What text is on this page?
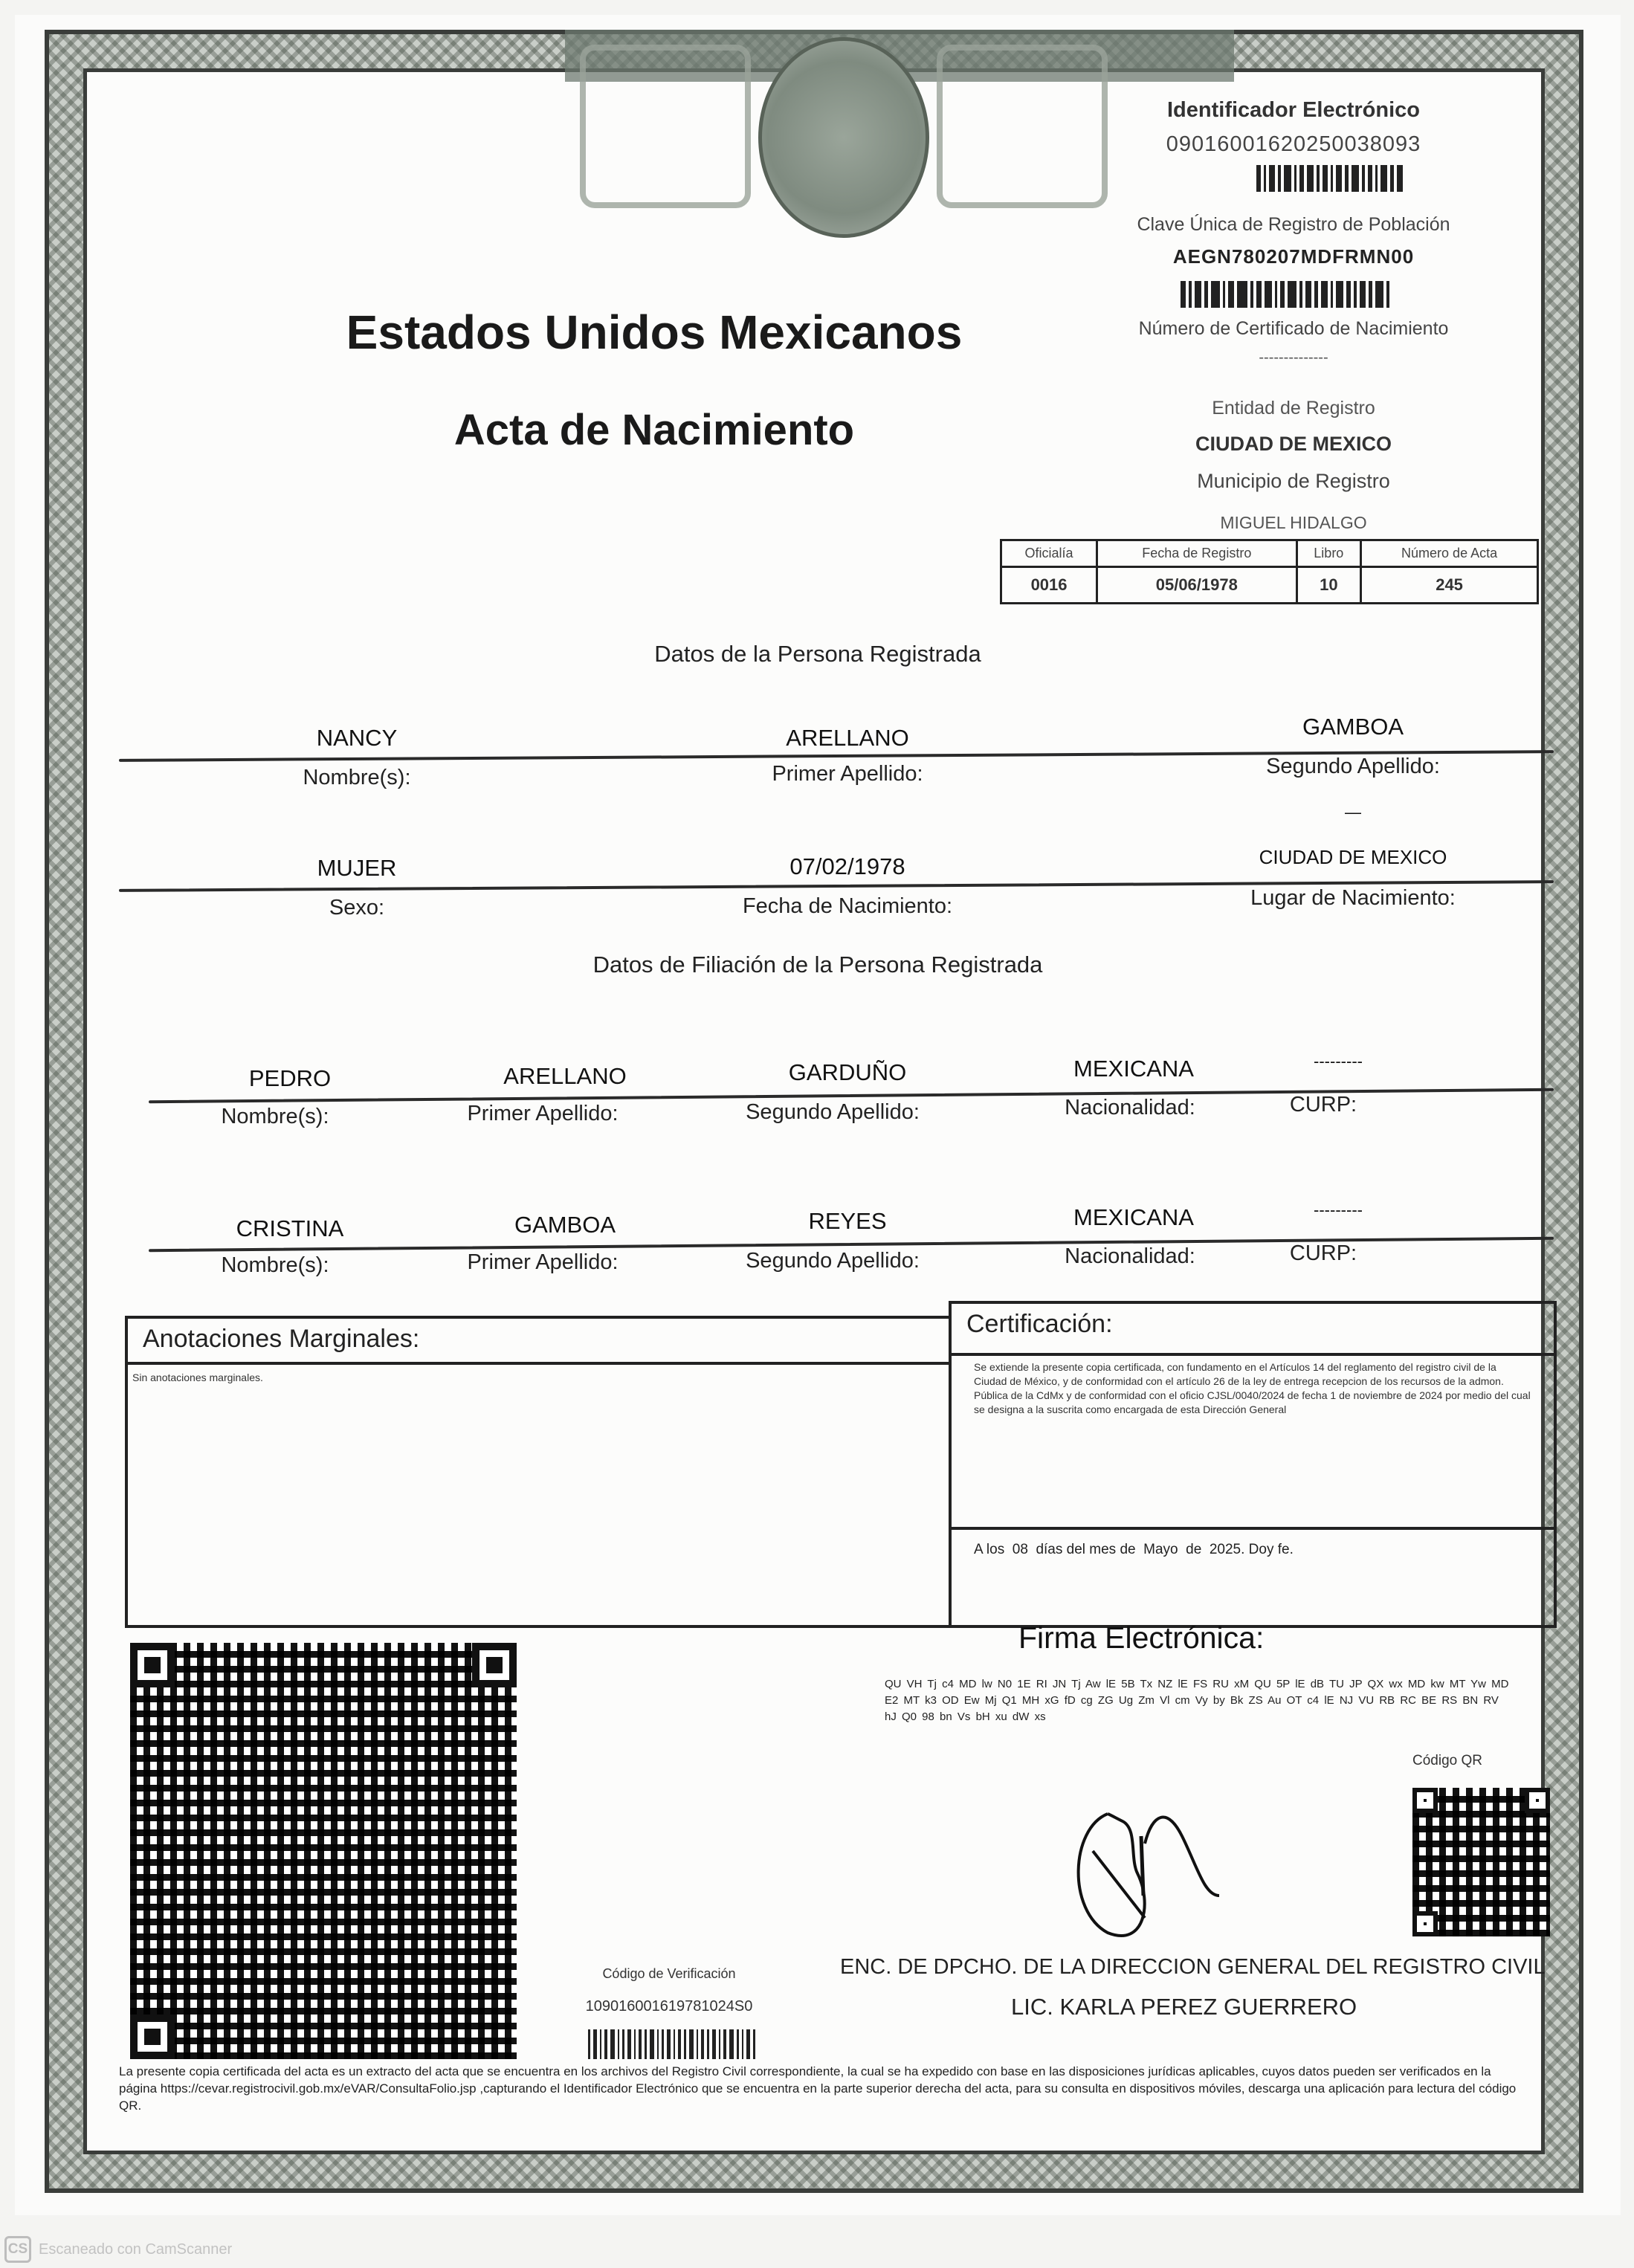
Estados Unidos Mexicanos
Acta de Nacimiento
Identificador Electrónico
09016001620250038093
Clave Única de Registro de Población
AEGN780207MDFRMN00
Número de Certificado de Nacimiento
--------------
Entidad de Registro
CIUDAD DE MEXICO
Municipio de Registro
MIGUEL HIDALGO
Oficialía	Fecha de Registro	Libro	Número de Acta
0016	05/06/1978	10	245
Datos de la Persona Registrada
NANCY	ARELLANO	GAMBOA
Nombre(s):	Primer Apellido:	Segundo Apellido:
—
MUJER	07/02/1978	CIUDAD DE MEXICO
Sexo:	Fecha de Nacimiento:	Lugar de Nacimiento:
Datos de Filiación de la Persona Registrada
PEDRO	ARELLANO	GARDUÑO	MEXICANA	---------
Nombre(s):	Primer Apellido:	Segundo Apellido:	Nacionalidad:	CURP:
CRISTINA	GAMBOA	REYES	MEXICANA	---------
Nombre(s):	Primer Apellido:	Segundo Apellido:	Nacionalidad:	CURP:
Anotaciones Marginales:
Sin anotaciones marginales.
Certificación:
Se extiende la presente copia certificada, con fundamento en el Artículos 14 del reglamento del registro civil de la Ciudad de México, y de conformidad con el artículo 26 de la ley de entrega recepcion de los recursos de la admon. Pública de la CdMx y de conformidad con el oficio CJSL/0040/2024 de fecha 1 de noviembre de 2024 por medio del cual se designa a la suscrita como encargada de esta Dirección General
A los  08  días del mes de  Mayo  de  2025. Doy fe.
Firma Electrónica:
QU VH Tj c4 MD lw N0 1E RI JN Tj Aw lE 5B Tx NZ lE FS RU xM QU 5P lE dB TU JP QX wx MD kw MT Yw MD E2 MT k3 OD Ew Mj Q1 MH xG fD cg ZG Ug Zm Vl cm Vy by Bk ZS Au OT c4 lE NJ VU RB RC BE RS BN RV hJ Q0 98 bn Vs bH xu dW xs
Código QR
Código de Verificación
109016001619781024S0
ENC. DE DPCHO. DE LA DIRECCION GENERAL DEL REGISTRO CIVIL
LIC. KARLA PEREZ GUERRERO
La presente copia certificada del acta es un extracto del acta que se encuentra en los archivos del Registro Civil correspondiente, la cual se ha expedido con base en las disposiciones jurídicas aplicables, cuyos datos pueden ser verificados en la página https://cevar.registrocivil.gob.mx/eVAR/ConsultaFolio.jsp ,capturando el Identificador Electrónico que se encuentra en la parte superior derecha del acta, para su consulta en dispositivos móviles, descarga una aplicación para lectura del código QR.
CS Escaneado con CamScanner
